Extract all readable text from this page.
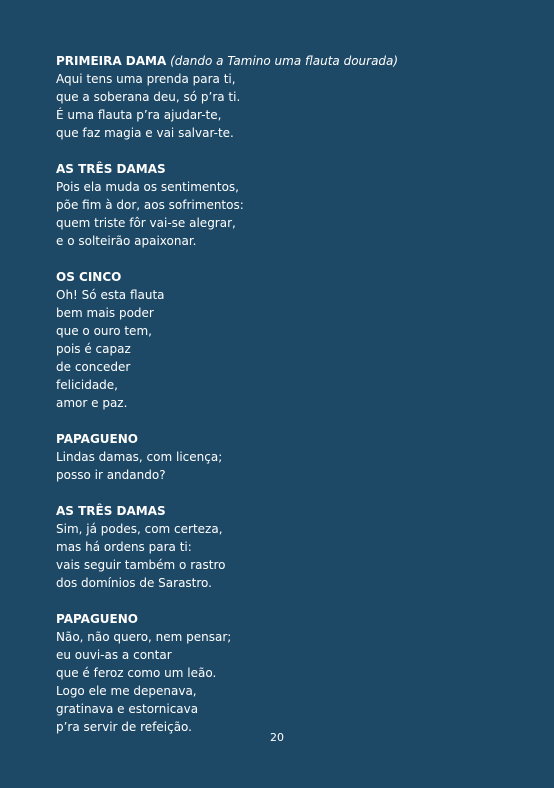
PRIMEIRA DAMA (dando a Tamino uma flauta dourada)
Aqui tens uma prenda para ti,
que a soberana deu, só p’ra ti.
É uma flauta p’ra ajudar-te,
que faz magia e vai salvar-te.
AS TRÊS DAMAS
Pois ela muda os sentimentos,
põe fim à dor, aos sofrimentos:
quem triste fôr vai-se alegrar,
e o solteirão apaixonar.
OS CINCO
Oh! Só esta flauta
bem mais poder
que o ouro tem,
pois é capaz
de conceder
felicidade,
amor e paz.
PAPAGUENO
Lindas damas, com licença;
posso ir andando?
AS TRÊS DAMAS
Sim, já podes, com certeza,
mas há ordens para ti:
vais seguir também o rastro
dos domínios de Sarastro.
PAPAGUENO
Não, não quero, nem pensar;
eu ouvi-as a contar
que é feroz como um leão.
Logo ele me depenava,
gratinava e estornicava
p’ra servir de refeição.
20
